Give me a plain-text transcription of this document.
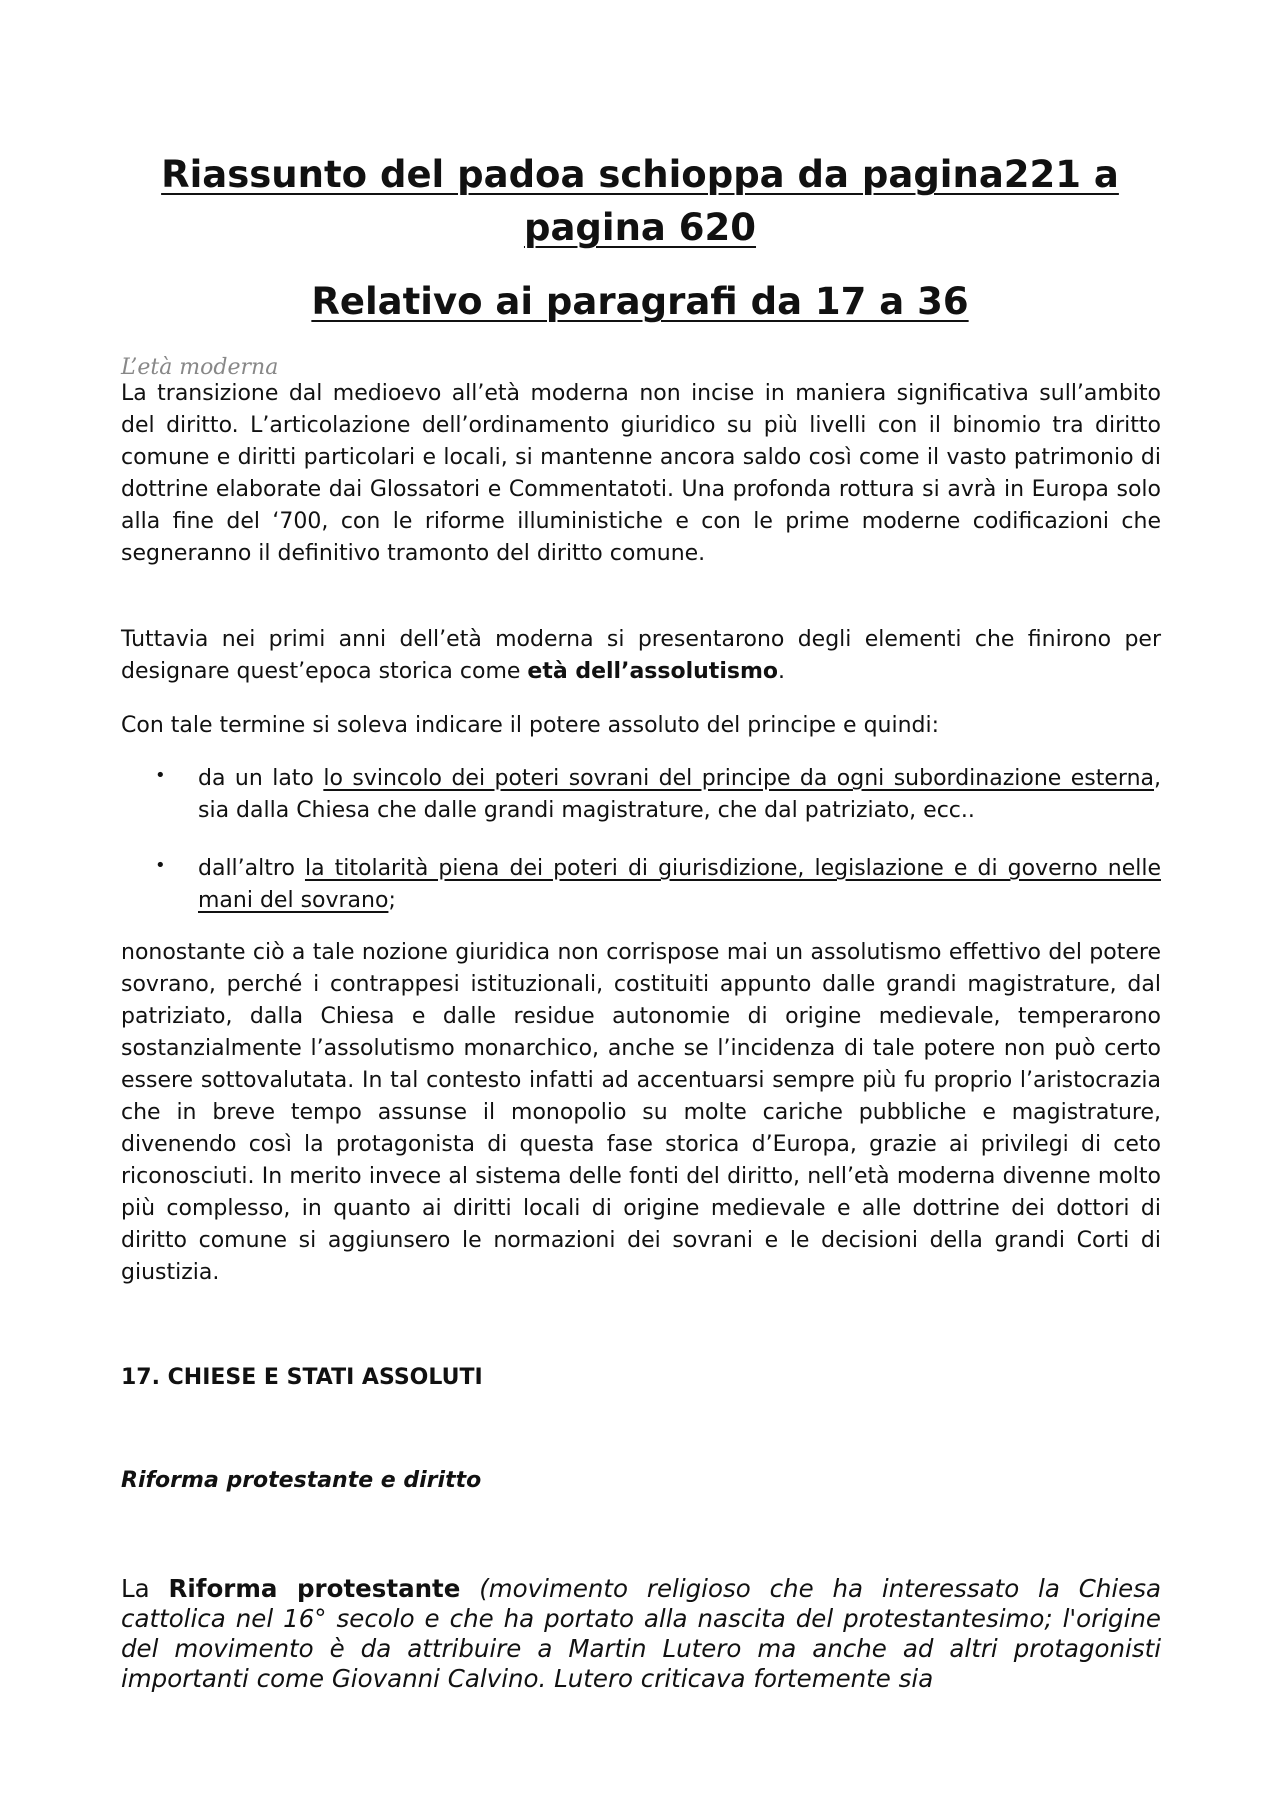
Riassunto del padoa schioppa da pagina221 a pagina 620
Relativo ai paragrafi da 17 a 36
L’età moderna

La transizione dal medioevo all’età moderna non incise in maniera significativa sull’ambito del diritto. L’articolazione dell’ordinamento giuridico su più livelli con il binomio tra diritto comune e diritti particolari e locali, si mantenne ancora saldo così come il vasto patrimonio di dottrine elaborate dai Glossatori e Commentatoti. Una profonda rottura si avrà in Europa solo alla fine del ‘700, con le riforme illuministiche e con le prime moderne codificazioni che segneranno il definitivo tramonto del diritto comune.

Tuttavia nei primi anni dell’età moderna si presentarono degli elementi che finirono per designare quest’epoca storica come età dell’assolutismo.

Con tale termine si soleva indicare il potere assoluto del principe e quindi:

• da un lato lo svincolo dei poteri sovrani del principe da ogni subordinazione esterna, sia dalla Chiesa che dalle grandi magistrature, che dal patriziato, ecc..

• dall’altro la titolarità piena dei poteri di giurisdizione, legislazione e di governo nelle mani del sovrano;

nonostante ciò a tale nozione giuridica non corrispose mai un assolutismo effettivo del potere sovrano, perché i contrappesi istituzionali, costituiti appunto dalle grandi magistrature, dal patriziato, dalla Chiesa e dalle residue autonomie di origine medievale, temperarono sostanzialmente l’assolutismo monarchico, anche se l’incidenza di tale potere non può certo essere sottovalutata. In tal contesto infatti ad accentuarsi sempre più fu proprio l’aristocrazia che in breve tempo assunse il monopolio su molte cariche pubbliche e magistrature, divenendo così la protagonista di questa fase storica d’Europa, grazie ai privilegi di ceto riconosciuti. In merito invece al sistema delle fonti del diritto, nell’età moderna divenne molto più complesso, in quanto ai diritti locali di origine medievale e alle dottrine dei dottori di diritto comune si aggiunsero le normazioni dei sovrani e le decisioni della grandi Corti di giustizia.

17. CHIESE E STATI ASSOLUTI
Riforma protestante e diritto

La Riforma protestante (movimento religioso che ha interessato la Chiesa cattolica nel 16° secolo e che ha portato alla nascita del protestantesimo; l'origine del movimento è da attribuire a Martin Lutero ma anche ad altri protagonisti importanti come Giovanni Calvino. Lutero criticava fortemente sia
